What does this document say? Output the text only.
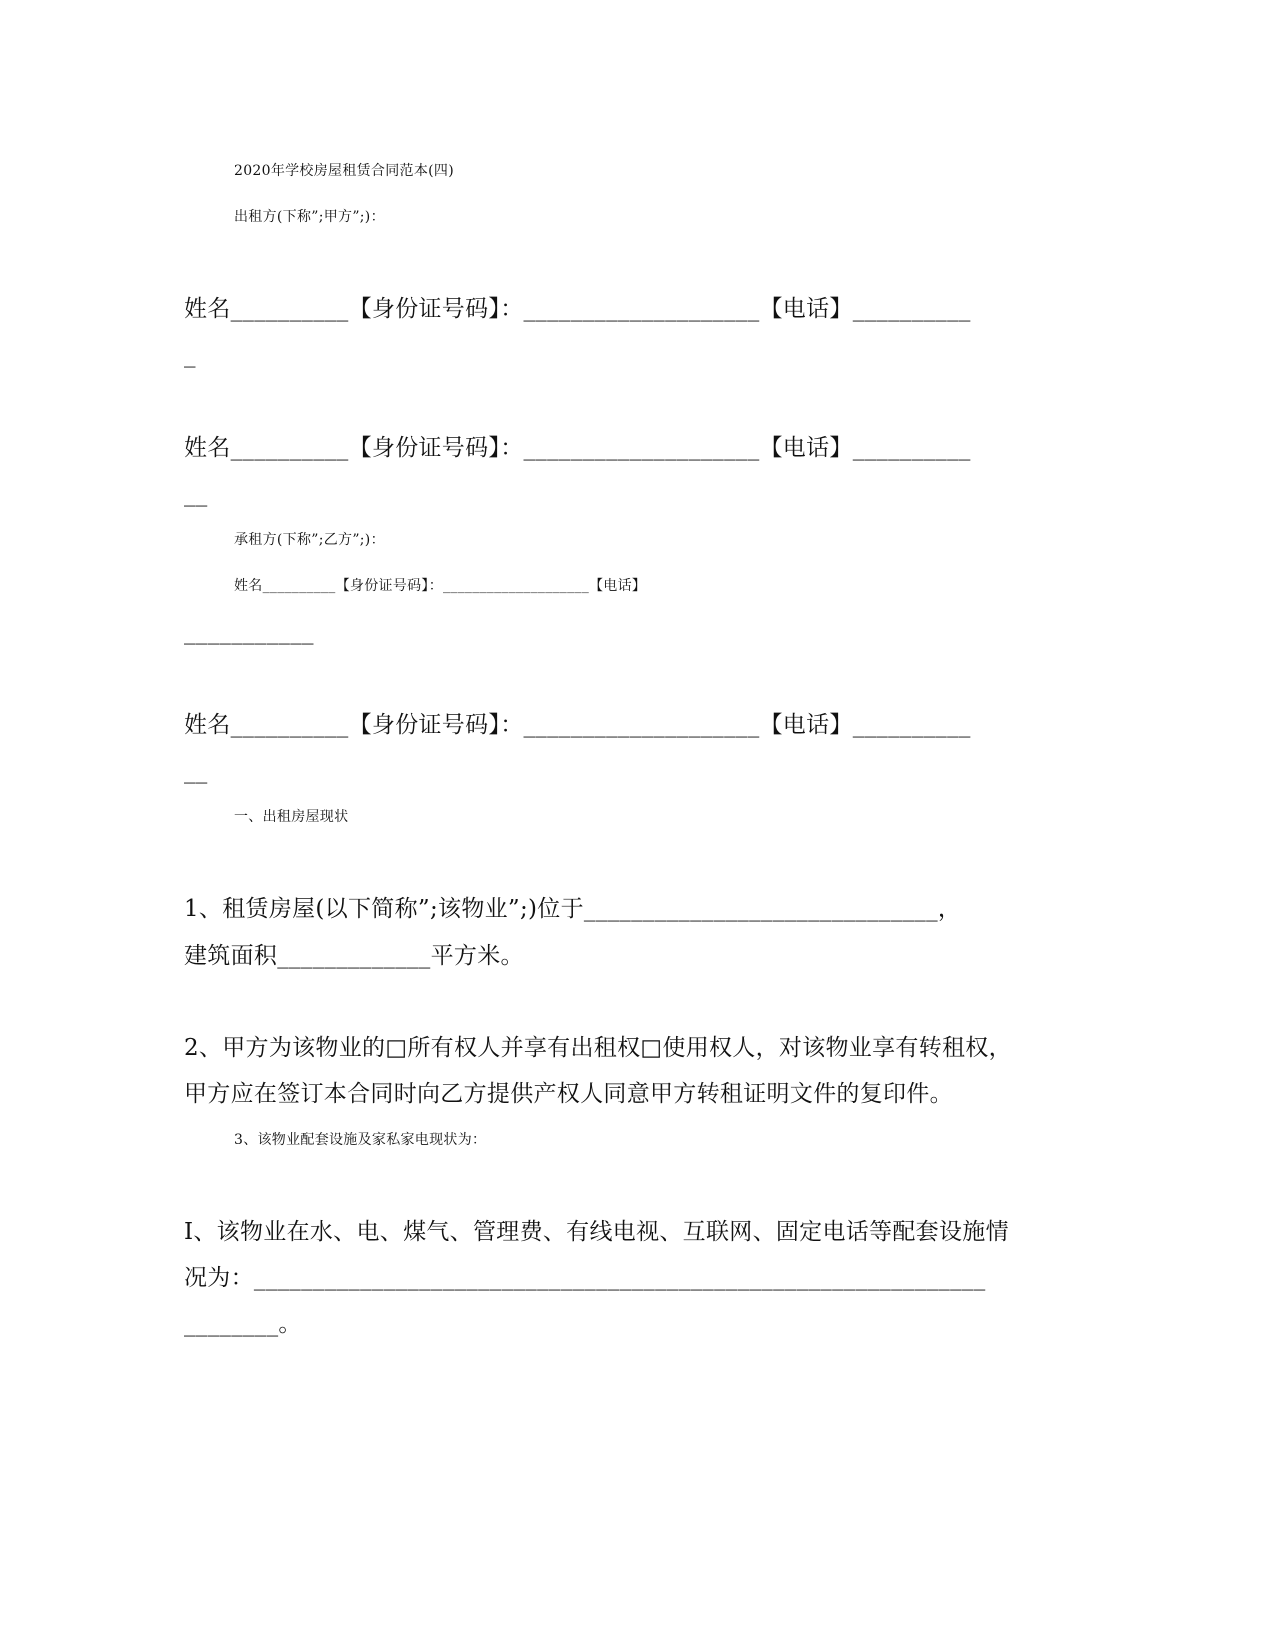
2020年学校房屋租赁合同范本(四)
出租方(下称”;甲方”;)：
姓名__________【身份证号码】：____________________【电话】__________
_
姓名__________【身份证号码】：____________________【电话】__________
__
承租方(下称”;乙方”;)：
姓名__________【身份证号码】：____________________【电话】
___________
姓名__________【身份证号码】：____________________【电话】__________
__
一、出租房屋现状
1、租赁房屋(以下简称”;该物业”;)位于______________________________，
建筑面积_____________平方米。
2、甲方为该物业的□所有权人并享有出租权□使用权人，对该物业享有转租权，
甲方应在签订本合同时向乙方提供产权人同意甲方转租证明文件的复印件。
3、该物业配套设施及家私家电现状为：
Ⅰ、该物业在水、电、煤气、管理费、有线电视、互联网、固定电话等配套设施情
况为：______________________________________________________________
________。
